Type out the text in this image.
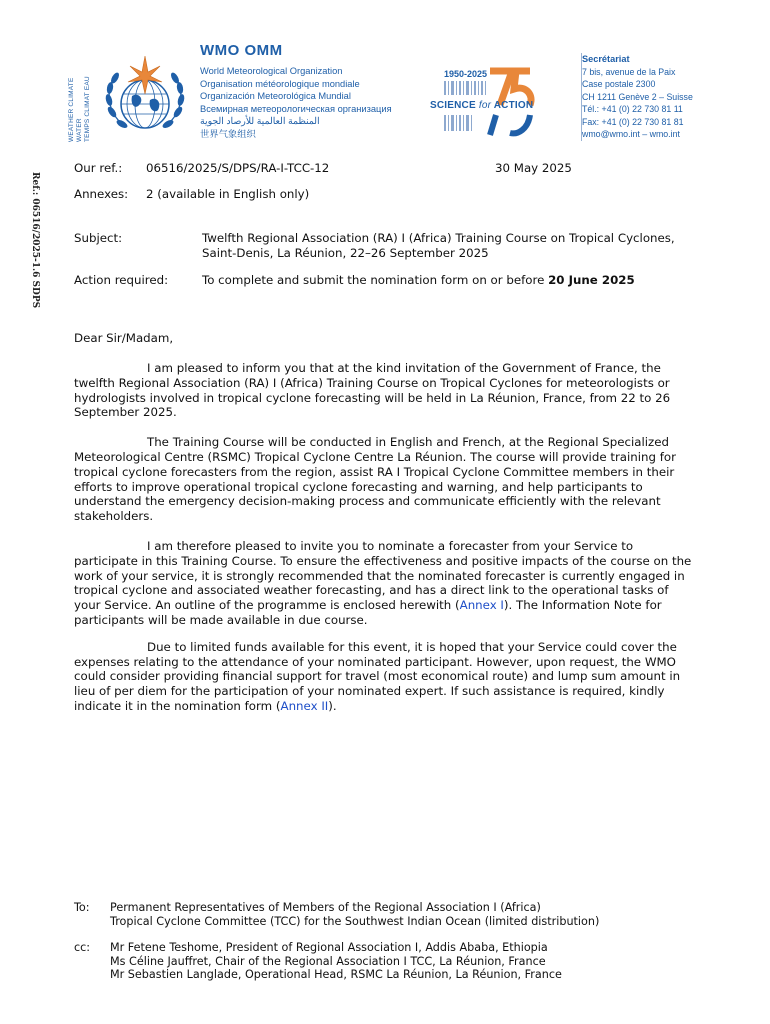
WEATHER CLIMATE WATER TEMPS CLIMAT EAU
WMO OMM
World Meteorological Organization
Organisation météorologique mondiale
Organización Meteorológica Mundial
Всемирная метеорологическая организация
المنظمة العالمية للأرصاد الجوية
世界气象组织
1950-2025
SCIENCE for ACTION
Secrétariat
7 bis, avenue de la Paix
Case postale 2300
CH 1211 Genève 2 – Suisse
Tél.: +41 (0) 22 730 81 11
Fax: +41 (0) 22 730 81 81
wmo@wmo.int – wmo.int
Ref.: 06516/2025-1.6 SDPS
Our ref.: 06516/2025/S/DPS/RA-I-TCC-12	30 May 2025
Annexes: 2 (available in English only)
Subject:	Twelfth Regional Association (RA) I (Africa) Training Course on Tropical Cyclones, Saint-Denis, La Réunion, 22–26 September 2025
Action required:	To complete and submit the nomination form on or before 20 June 2025
Dear Sir/Madam,

I am pleased to inform you that at the kind invitation of the Government of France, the twelfth Regional Association (RA) I (Africa) Training Course on Tropical Cyclones for meteorologists or hydrologists involved in tropical cyclone forecasting will be held in La Réunion, France, from 22 to 26 September 2025.

The Training Course will be conducted in English and French, at the Regional Specialized Meteorological Centre (RSMC) Tropical Cyclone Centre La Réunion. The course will provide training for tropical cyclone forecasters from the region, assist RA I Tropical Cyclone Committee members in their efforts to improve operational tropical cyclone forecasting and warning, and help participants to understand the emergency decision-making process and communicate efficiently with the relevant stakeholders.

I am therefore pleased to invite you to nominate a forecaster from your Service to participate in this Training Course. To ensure the effectiveness and positive impacts of the course on the work of your service, it is strongly recommended that the nominated forecaster is currently engaged in tropical cyclone and associated weather forecasting, and has a direct link to the operational tasks of your Service. An outline of the programme is enclosed herewith (Annex I). The Information Note for participants will be made available in due course.

Due to limited funds available for this event, it is hoped that your Service could cover the expenses relating to the attendance of your nominated participant. However, upon request, the WMO could consider providing financial support for travel (most economical route) and lump sum amount in lieu of per diem for the participation of your nominated expert. If such assistance is required, kindly indicate it in the nomination form (Annex II).

To: Permanent Representatives of Members of the Regional Association I (Africa)
Tropical Cyclone Committee (TCC) for the Southwest Indian Ocean (limited distribution)
cc: Mr Fetene Teshome, President of Regional Association I, Addis Ababa, Ethiopia
Ms Céline Jauffret, Chair of the Regional Association I TCC, La Réunion, France
Mr Sebastien Langlade, Operational Head, RSMC La Réunion, La Réunion, France
